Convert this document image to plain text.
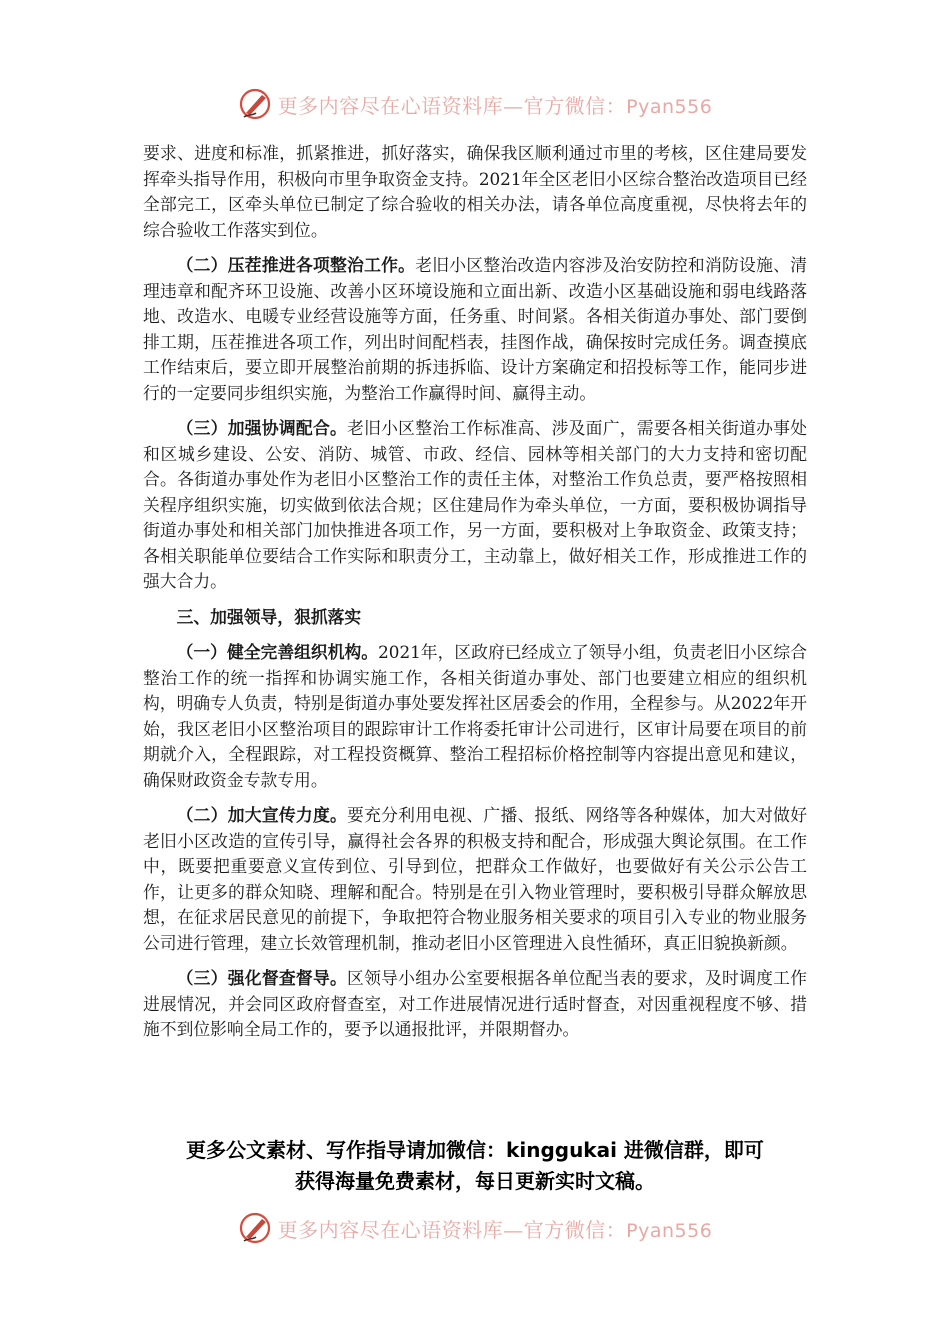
更多内容尽在心语资料库—官方微信：Pyan556

要求、进度和标准，抓紧推进，抓好落实，确保我区顺利通过市里的考核，区住建局要发挥牵头指导作用，积极向市里争取资金支持。2021年全区老旧小区综合整治改造项目已经全部完工，区牵头单位已制定了综合验收的相关办法，请各单位高度重视，尽快将去年的综合验收工作落实到位。

（二）压茬推进各项整治工作。老旧小区整治改造内容涉及治安防控和消防设施、清理违章和配齐环卫设施、改善小区环境设施和立面出新、改造小区基础设施和弱电线路落地、改造水、电暖专业经营设施等方面，任务重、时间紧。各相关街道办事处、部门要倒排工期，压茬推进各项工作，列出时间配档表，挂图作战，确保按时完成任务。调查摸底工作结束后，要立即开展整治前期的拆违拆临、设计方案确定和招投标等工作，能同步进行的一定要同步组织实施，为整治工作赢得时间、赢得主动。

（三）加强协调配合。老旧小区整治工作标准高、涉及面广，需要各相关街道办事处和区城乡建设、公安、消防、城管、市政、经信、园林等相关部门的大力支持和密切配合。各街道办事处作为老旧小区整治工作的责任主体，对整治工作负总责，要严格按照相关程序组织实施，切实做到依法合规；区住建局作为牵头单位，一方面，要积极协调指导街道办事处和相关部门加快推进各项工作，另一方面，要积极对上争取资金、政策支持；各相关职能单位要结合工作实际和职责分工，主动靠上，做好相关工作，形成推进工作的强大合力。

三、加强领导，狠抓落实

（一）健全完善组织机构。2021年，区政府已经成立了领导小组，负责老旧小区综合整治工作的统一指挥和协调实施工作，各相关街道办事处、部门也要建立相应的组织机构，明确专人负责，特别是街道办事处要发挥社区居委会的作用，全程参与。从2022年开始，我区老旧小区整治项目的跟踪审计工作将委托审计公司进行，区审计局要在项目的前期就介入，全程跟踪，对工程投资概算、整治工程招标价格控制等内容提出意见和建议，确保财政资金专款专用。

（二）加大宣传力度。要充分利用电视、广播、报纸、网络等各种媒体，加大对做好老旧小区改造的宣传引导，赢得社会各界的积极支持和配合，形成强大舆论氛围。在工作中，既要把重要意义宣传到位、引导到位，把群众工作做好，也要做好有关公示公告工作，让更多的群众知晓、理解和配合。特别是在引入物业管理时，要积极引导群众解放思想，在征求居民意见的前提下，争取把符合物业服务相关要求的项目引入专业的物业服务公司进行管理，建立长效管理机制，推动老旧小区管理进入良性循环，真正旧貌换新颜。

（三）强化督查督导。区领导小组办公室要根据各单位配当表的要求，及时调度工作进展情况，并会同区政府督查室，对工作进展情况进行适时督查，对因重视程度不够、措施不到位影响全局工作的，要予以通报批评，并限期督办。

更多公文素材、写作指导请加微信：kinggukai 进微信群，即可
获得海量免费素材，每日更新实时文稿。
更多内容尽在心语资料库—官方微信：Pyan556
